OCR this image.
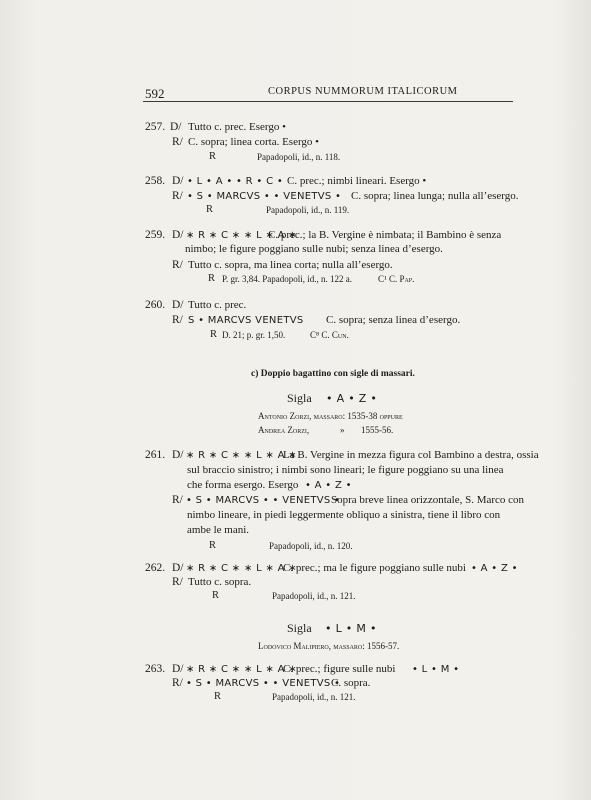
592	CORPUS NUMMORUM ITALICORUM
257. D/ Tutto c. prec. Esergo •
R/ C. sopra; linea corta. Esergo •
R	Papadopoli, id., n. 118.
258. D/ • L • A • • R • C • C. prec.; nimbi lineari. Esergo •
R/ • S • MARCVS • • VENETVS • C. sopra; linea lunga; nulla all’esergo.
R	Papadopoli, id., n. 119.
259. D/ ∗ R ∗ C ∗ ∗ L ∗ A ∗
C. prec.; la B. Vergine è nimbata; il Bambino è senza
nimbo; le figure poggiano sulle nubi; senza linea d’esergo.
R/ Tutto c. sopra, ma linea corta; nulla all’esergo.
R P. gr. 3,84. Papadopoli, id., n. 122 a.	C¹ C. Pap.
260. D/ Tutto c. prec.
R/ S • MARCVS VENETVS C. sopra; senza linea d’esergo.
R D. 21; p. gr. 1,50.	C⁸ C. Cun.
c) Doppio bagattino con sigle di massari.
Sigla • A • Z •
Antonio Zorzi, massaro: 1535-38 oppure
Andrea Zorzi,	» 1555-56.
261. D/ ∗ R ∗ C ∗ ∗ L ∗ A ∗
La B. Vergine in mezza figura col Bambino a destra, ossia
sul braccio sinistro; i nimbi sono lineari; le figure poggiano su una linea
che forma esergo. Esergo • A • Z •
R/ • S • MARCVS • • VENETVS •
Sopra breve linea orizzontale, S. Marco con
nimbo lineare, in piedi leggermente obliquo a sinistra, tiene il libro con
ambe le mani.
R	Papadopoli, id., n. 120.
262. D/ ∗ R ∗ C ∗ ∗ L ∗ A ∗
C. prec.; ma le figure poggiano sulle nubi • A • Z •
R/ Tutto c. sopra.
R	Papadopoli, id., n. 121.
Sigla • L • M •
Lodovico Malipiero, massaro: 1556-57.
263. D/ ∗ R ∗ C ∗ ∗ L ∗ A ∗
C. prec.; figure sulle nubi • L • M •
R/ • S • MARCVS • • VENETVS •
C. sopra.
R	Papadopoli, id., n. 121.
